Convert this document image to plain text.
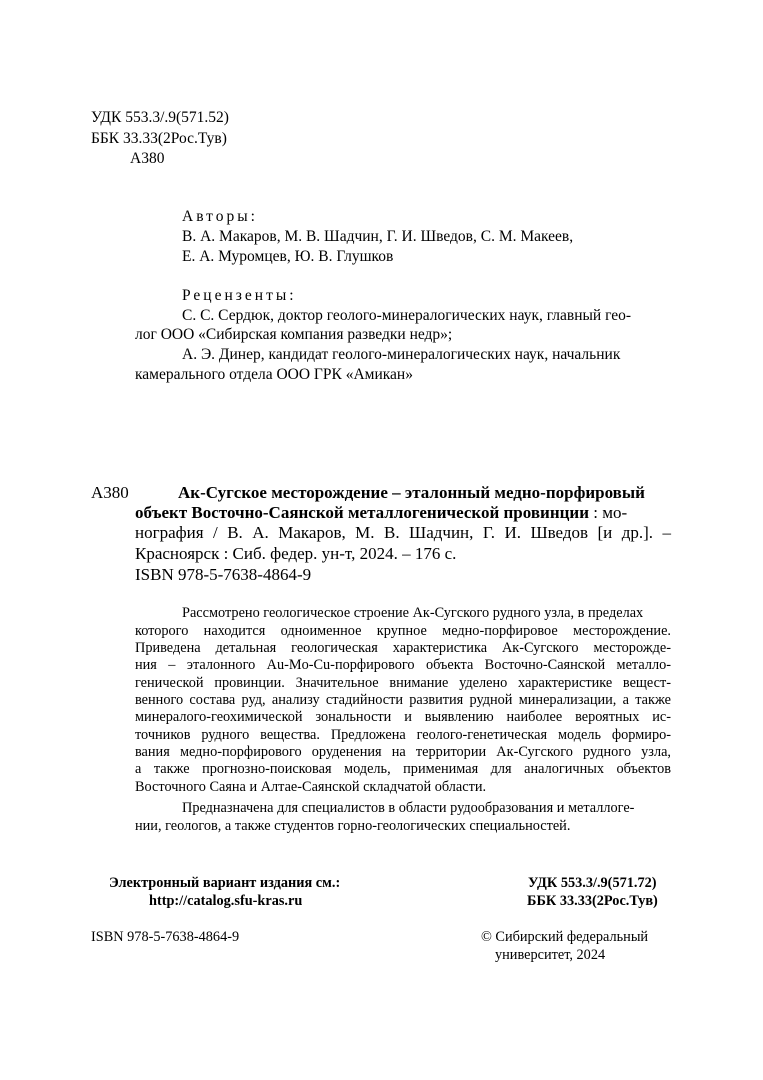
УДК 553.3/.9(571.52)
ББК 33.33(2Рос.Тув)
А380
Авторы:
В. А. Макаров, М. В. Шадчин, Г. И. Шведов, С. М. Макеев,
Е. А. Муромцев, Ю. В. Глушков
Рецензенты:
С. С. Сердюк, доктор геолого-минералогических наук, главный гео-
лог ООО «Сибирская компания разведки недр»;
А. Э. Динер, кандидат геолого-минералогических наук, начальник
камерального отдела ООО ГРК «Амикан»
А380	Ак-Сугское месторождение – эталонный медно-порфировый
объект Восточно-Саянской металлогенической провинции : мо-
нография / В. А. Макаров, М. В. Шадчин, Г. И. Шведов [и др.]. –
Красноярск : Сиб. федер. ун-т, 2024. – 176 с.
ISBN 978-5-7638-4864-9
Рассмотрено геологическое строение Ак-Сугского рудного узла, в пределах
которого находится одноименное крупное медно-порфировое месторождение.
Приведена детальная геологическая характеристика Ак-Сугского месторожде-
ния – эталонного Au-Mo-Cu-порфирового объекта Восточно-Саянской металло-
генической провинции. Значительное внимание уделено характеристике вещест-
венного состава руд, анализу стадийности развития рудной минерализации, а также
минералого-геохимической зональности и выявлению наиболее вероятных ис-
точников рудного вещества. Предложена геолого-генетическая модель формиро-
вания медно-порфирового оруденения на территории Ак-Сугского рудного узла,
а также прогнозно-поисковая модель, применимая для аналогичных объектов
Восточного Саяна и Алтае-Саянской складчатой области.
Предназначена для специалистов в области рудообразования и металлоге-
нии, геологов, а также студентов горно-геологических специальностей.
Электронный вариант издания см.:
http://catalog.sfu-kras.ru
УДК 553.3/.9(571.72)
ББК 33.33(2Рос.Тув)
ISBN 978-5-7638-4864-9	© Сибирский федеральный
университет, 2024
